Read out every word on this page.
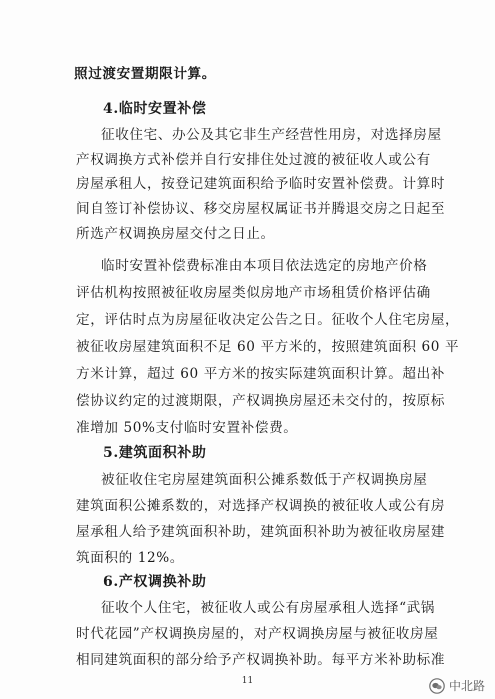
照过渡安置期限计算。
4.临时安置补偿
征收住宅、办公及其它非生产经营性用房，对选择房屋
产权调换方式补偿并自行安排住处过渡的被征收人或公有
房屋承租人，按登记建筑面积给予临时安置补偿费。计算时
间自签订补偿协议、移交房屋权属证书并腾退交房之日起至
所选产权调换房屋交付之日止。
临时安置补偿费标准由本项目依法选定的房地产价格
评估机构按照被征收房屋类似房地产市场租赁价格评估确
定，评估时点为房屋征收决定公告之日。征收个人住宅房屋，
被征收房屋建筑面积不足 60 平方米的，按照建筑面积 60 平
方米计算，超过 60 平方米的按实际建筑面积计算。超出补
偿协议约定的过渡期限，产权调换房屋还未交付的，按原标
准增加 50%支付临时安置补偿费。
5.建筑面积补助
被征收住宅房屋建筑面积公摊系数低于产权调换房屋
建筑面积公摊系数的，对选择产权调换的被征收人或公有房
屋承租人给予建筑面积补助，建筑面积补助为被征收房屋建
筑面积的 12%。
6.产权调换补助
征收个人住宅，被征收人或公有房屋承租人选择“武锅
时代花园”产权调换房屋的，对产权调换房屋与被征收房屋
相同建筑面积的部分给予产权调换补助。每平方米补助标准
11	中北路
